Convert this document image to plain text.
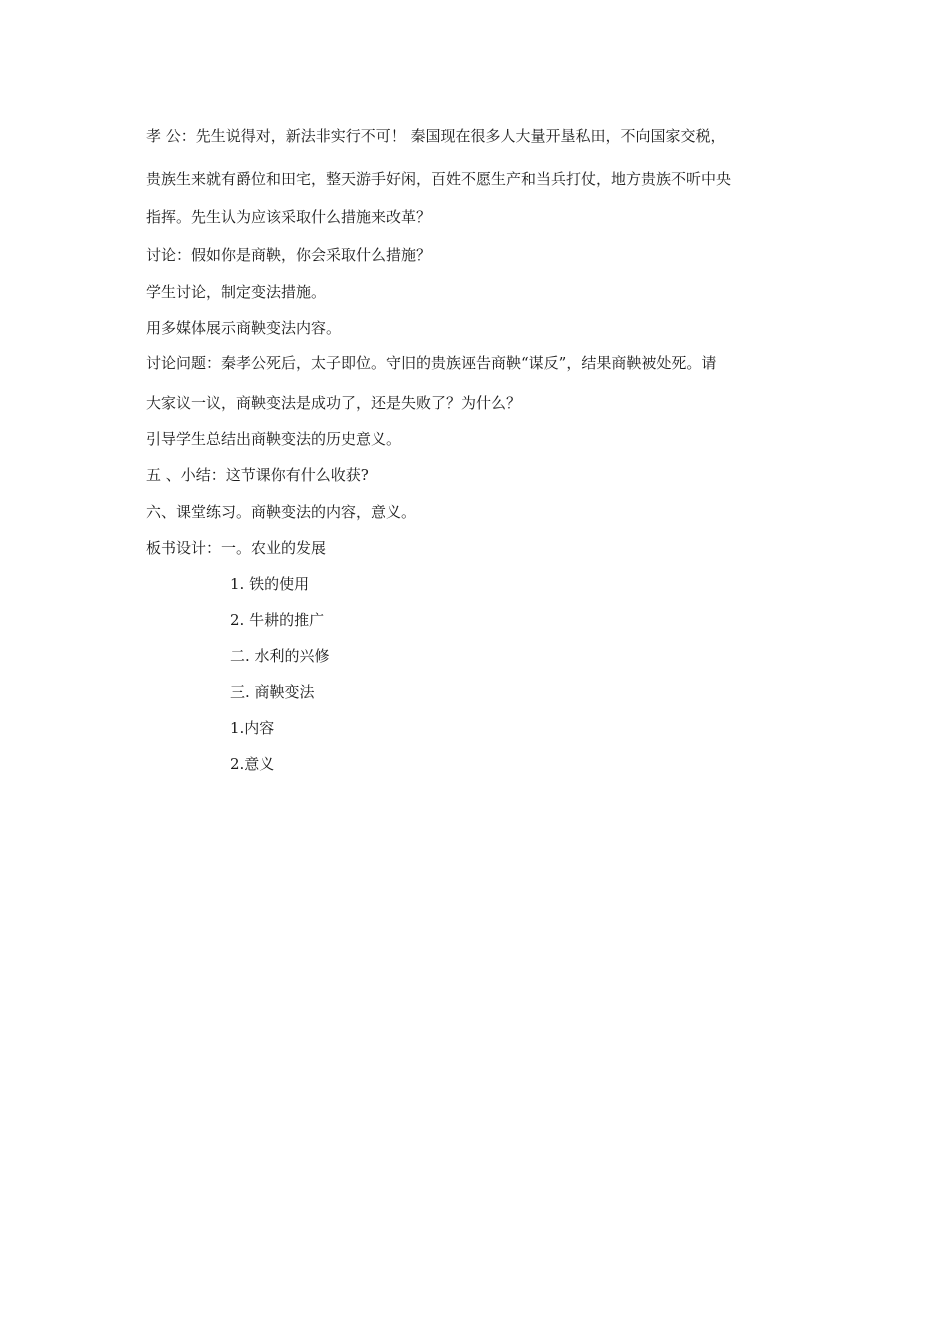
孝 公：先生说得对，新法非实行不可！ 秦国现在很多人大量开垦私田，不向国家交税，
贵族生来就有爵位和田宅，整天游手好闲，百姓不愿生产和当兵打仗，地方贵族不听中央
指挥。先生认为应该采取什么措施来改革？
讨论：假如你是商鞅，你会采取什么措施？
学生讨论，制定变法措施。
用多媒体展示商鞅变法内容。
讨论问题：秦孝公死后，太子即位。守旧的贵族诬告商鞅“谋反”，结果商鞅被处死。请
大家议一议，商鞅变法是成功了，还是失败了？为什么？
引导学生总结出商鞅变法的历史意义。
五 、小结：这节课你有什么收获?
六、课堂练习。商鞅变法的内容，意义。
板书设计：一。农业的发展
1. 铁的使用
2. 牛耕的推广
二. 水利的兴修
三. 商鞅变法
1.内容
2.意义
